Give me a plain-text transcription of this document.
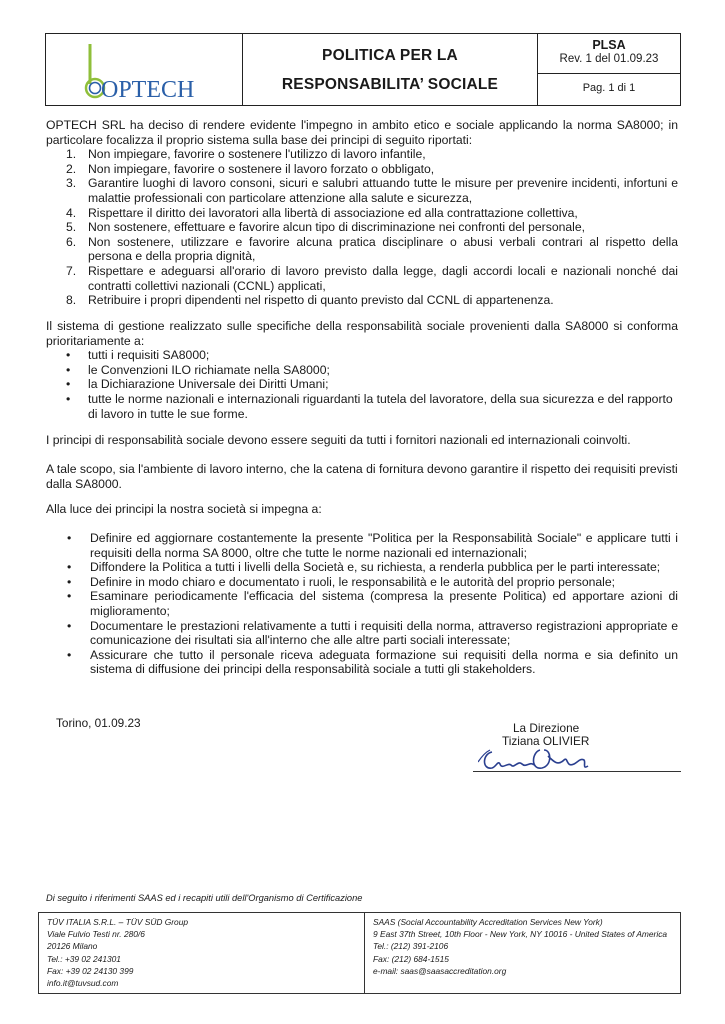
OPTECH
POLITICA PER LA
RESPONSABILITA’ SOCIALE
PLSA
Rev. 1 del 01.09.23
Pag. 1 di 1

OPTECH SRL ha deciso di rendere evidente l'impegno in ambito etico e sociale applicando la norma SA8000; in particolare focalizza il proprio sistema sulla base dei principi di seguito riportati:

1. Non impiegare, favorire o sostenere l'utilizzo di lavoro infantile,
2. Non impiegare, favorire o sostenere il lavoro forzato o obbligato,
3. Garantire luoghi di lavoro consoni, sicuri e salubri attuando tutte le misure per prevenire incidenti, infortuni e malattie professionali con particolare attenzione alla salute e sicurezza,
4. Rispettare il diritto dei lavoratori alla libertà di associazione ed alla contrattazione collettiva,
5. Non sostenere, effettuare e favorire alcun tipo di discriminazione nei confronti del personale,
6. Non sostenere, utilizzare e favorire alcuna pratica disciplinare o abusi verbali contrari al rispetto della persona e della propria dignità,
7. Rispettare e adeguarsi all'orario di lavoro previsto dalla legge, dagli accordi locali e nazionali nonché dai contratti collettivi nazionali (CCNL) applicati,
8. Retribuire i propri dipendenti nel rispetto di quanto previsto dal CCNL di appartenenza.

Il sistema di gestione realizzato sulle specifiche della responsabilità sociale provenienti dalla SA8000 si conforma prioritariamente a:

• tutti i requisiti SA8000;
• le Convenzioni ILO richiamate nella SA8000;
• la Dichiarazione Universale dei Diritti Umani;
• tutte le norme nazionali e internazionali riguardanti la tutela del lavoratore, della sua sicurezza e del rapporto di lavoro in tutte le sue forme.
I principi di responsabilità sociale devono essere seguiti da tutti i fornitori nazionali ed internazionali coinvolti.
A tale scopo, sia l'ambiente di lavoro interno, che la catena di fornitura devono garantire il rispetto dei requisiti previsti dalla SA8000.
Alla luce dei principi la nostra società si impegna a:
• Definire ed aggiornare costantemente la presente "Politica per la Responsabilità Sociale" e applicare tutti i requisiti della norma SA 8000, oltre che tutte le norme nazionali ed internazionali;
• Diffondere la Politica a tutti i livelli della Società e, su richiesta, a renderla pubblica per le parti interessate;
• Definire in modo chiaro e documentato i ruoli, le responsabilità e le autorità del proprio personale;
• Esaminare periodicamente l'efficacia del sistema (compresa la presente Politica) ed apportare azioni di miglioramento;
• Documentare le prestazioni relativamente a tutti i requisiti della norma, attraverso registrazioni appropriate e comunicazione dei risultati sia all'interno che alle altre parti sociali interessate;
• Assicurare che tutto il personale riceva adeguata formazione sui requisiti della norma e sia definito un sistema di diffusione dei principi della responsabilità sociale a tutti gli stakeholders.
Torino, 01.09.23	La Direzione
Tiziana OLIVIER
Di seguito i riferimenti SAAS ed i recapiti utili dell'Organismo di Certificazione
TÜV ITALIA S.R.L. – TÜV SÜD Group
Viale Fulvio Testi nr. 280/6
20126 Milano
Tel.: +39 02 241301
Fax: +39 02 24130 399
info.it@tuvsud.com
SAAS (Social Accountability Accreditation Services New York)
9 East 37th Street, 10th Floor - New York, NY 10016 - United States of America
Tel.: (212) 391-2106
Fax: (212) 684-1515
e-mail: saas@saasaccreditation.org
